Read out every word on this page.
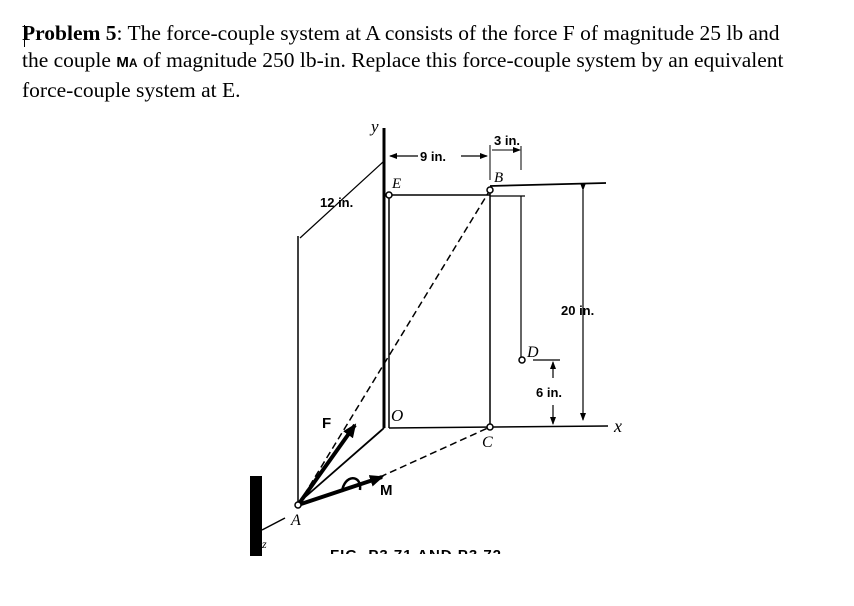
Problem 5: The force-couple system at A consists of the force F of magnitude 25 lb and
the couple MA of magnitude 250 lb-in. Replace this force-couple system by an equivalent
force-couple system at E.
y
x
z
A
B
C
D
E
O
F
M
9 in.
3 in.
12 in.
20 in.
6 in.
FIG. P3.71 AND P3.72
